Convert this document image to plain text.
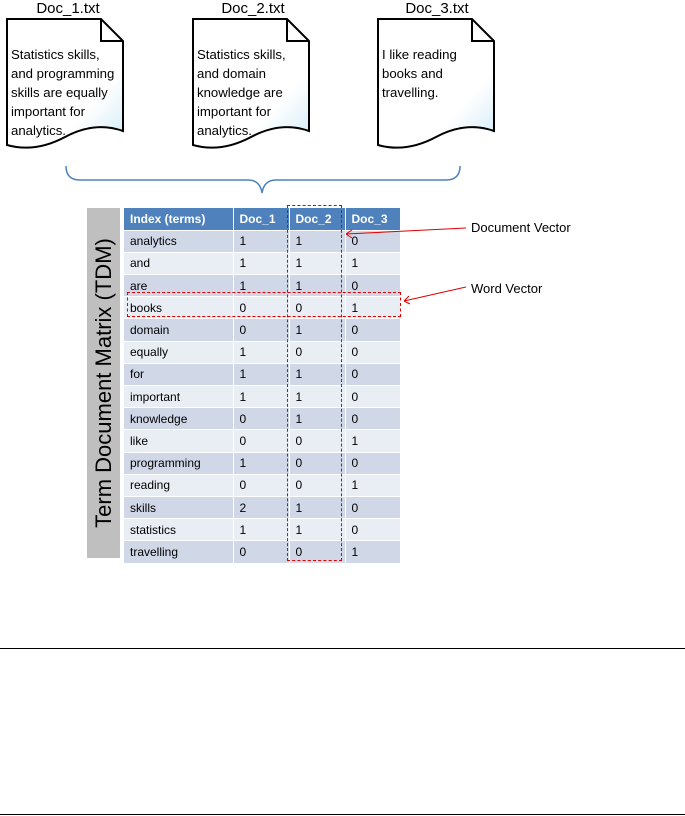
Doc_1.txt	Doc_2.txt	Doc_3.txt
Statistics skills, and programming skills are equally important for analytics.
Statistics skills, and domain knowledge are important for analytics.
I like reading books and travelling.
Term Document Matrix (TDM)
Index (terms)	Doc_1	Doc_2	Doc_3
analytics	1	1	0
and	1	1	1
are	1	1	0
books	0	0	1
domain	0	1	0
equally	1	0	0
for	1	1	0
important	1	1	0
knowledge	0	1	0
like	0	0	1
programming	1	0	0
reading	0	0	1
skills	2	1	0
statistics	1	1	0
travelling	0	0	1
Document Vector
Word Vector
